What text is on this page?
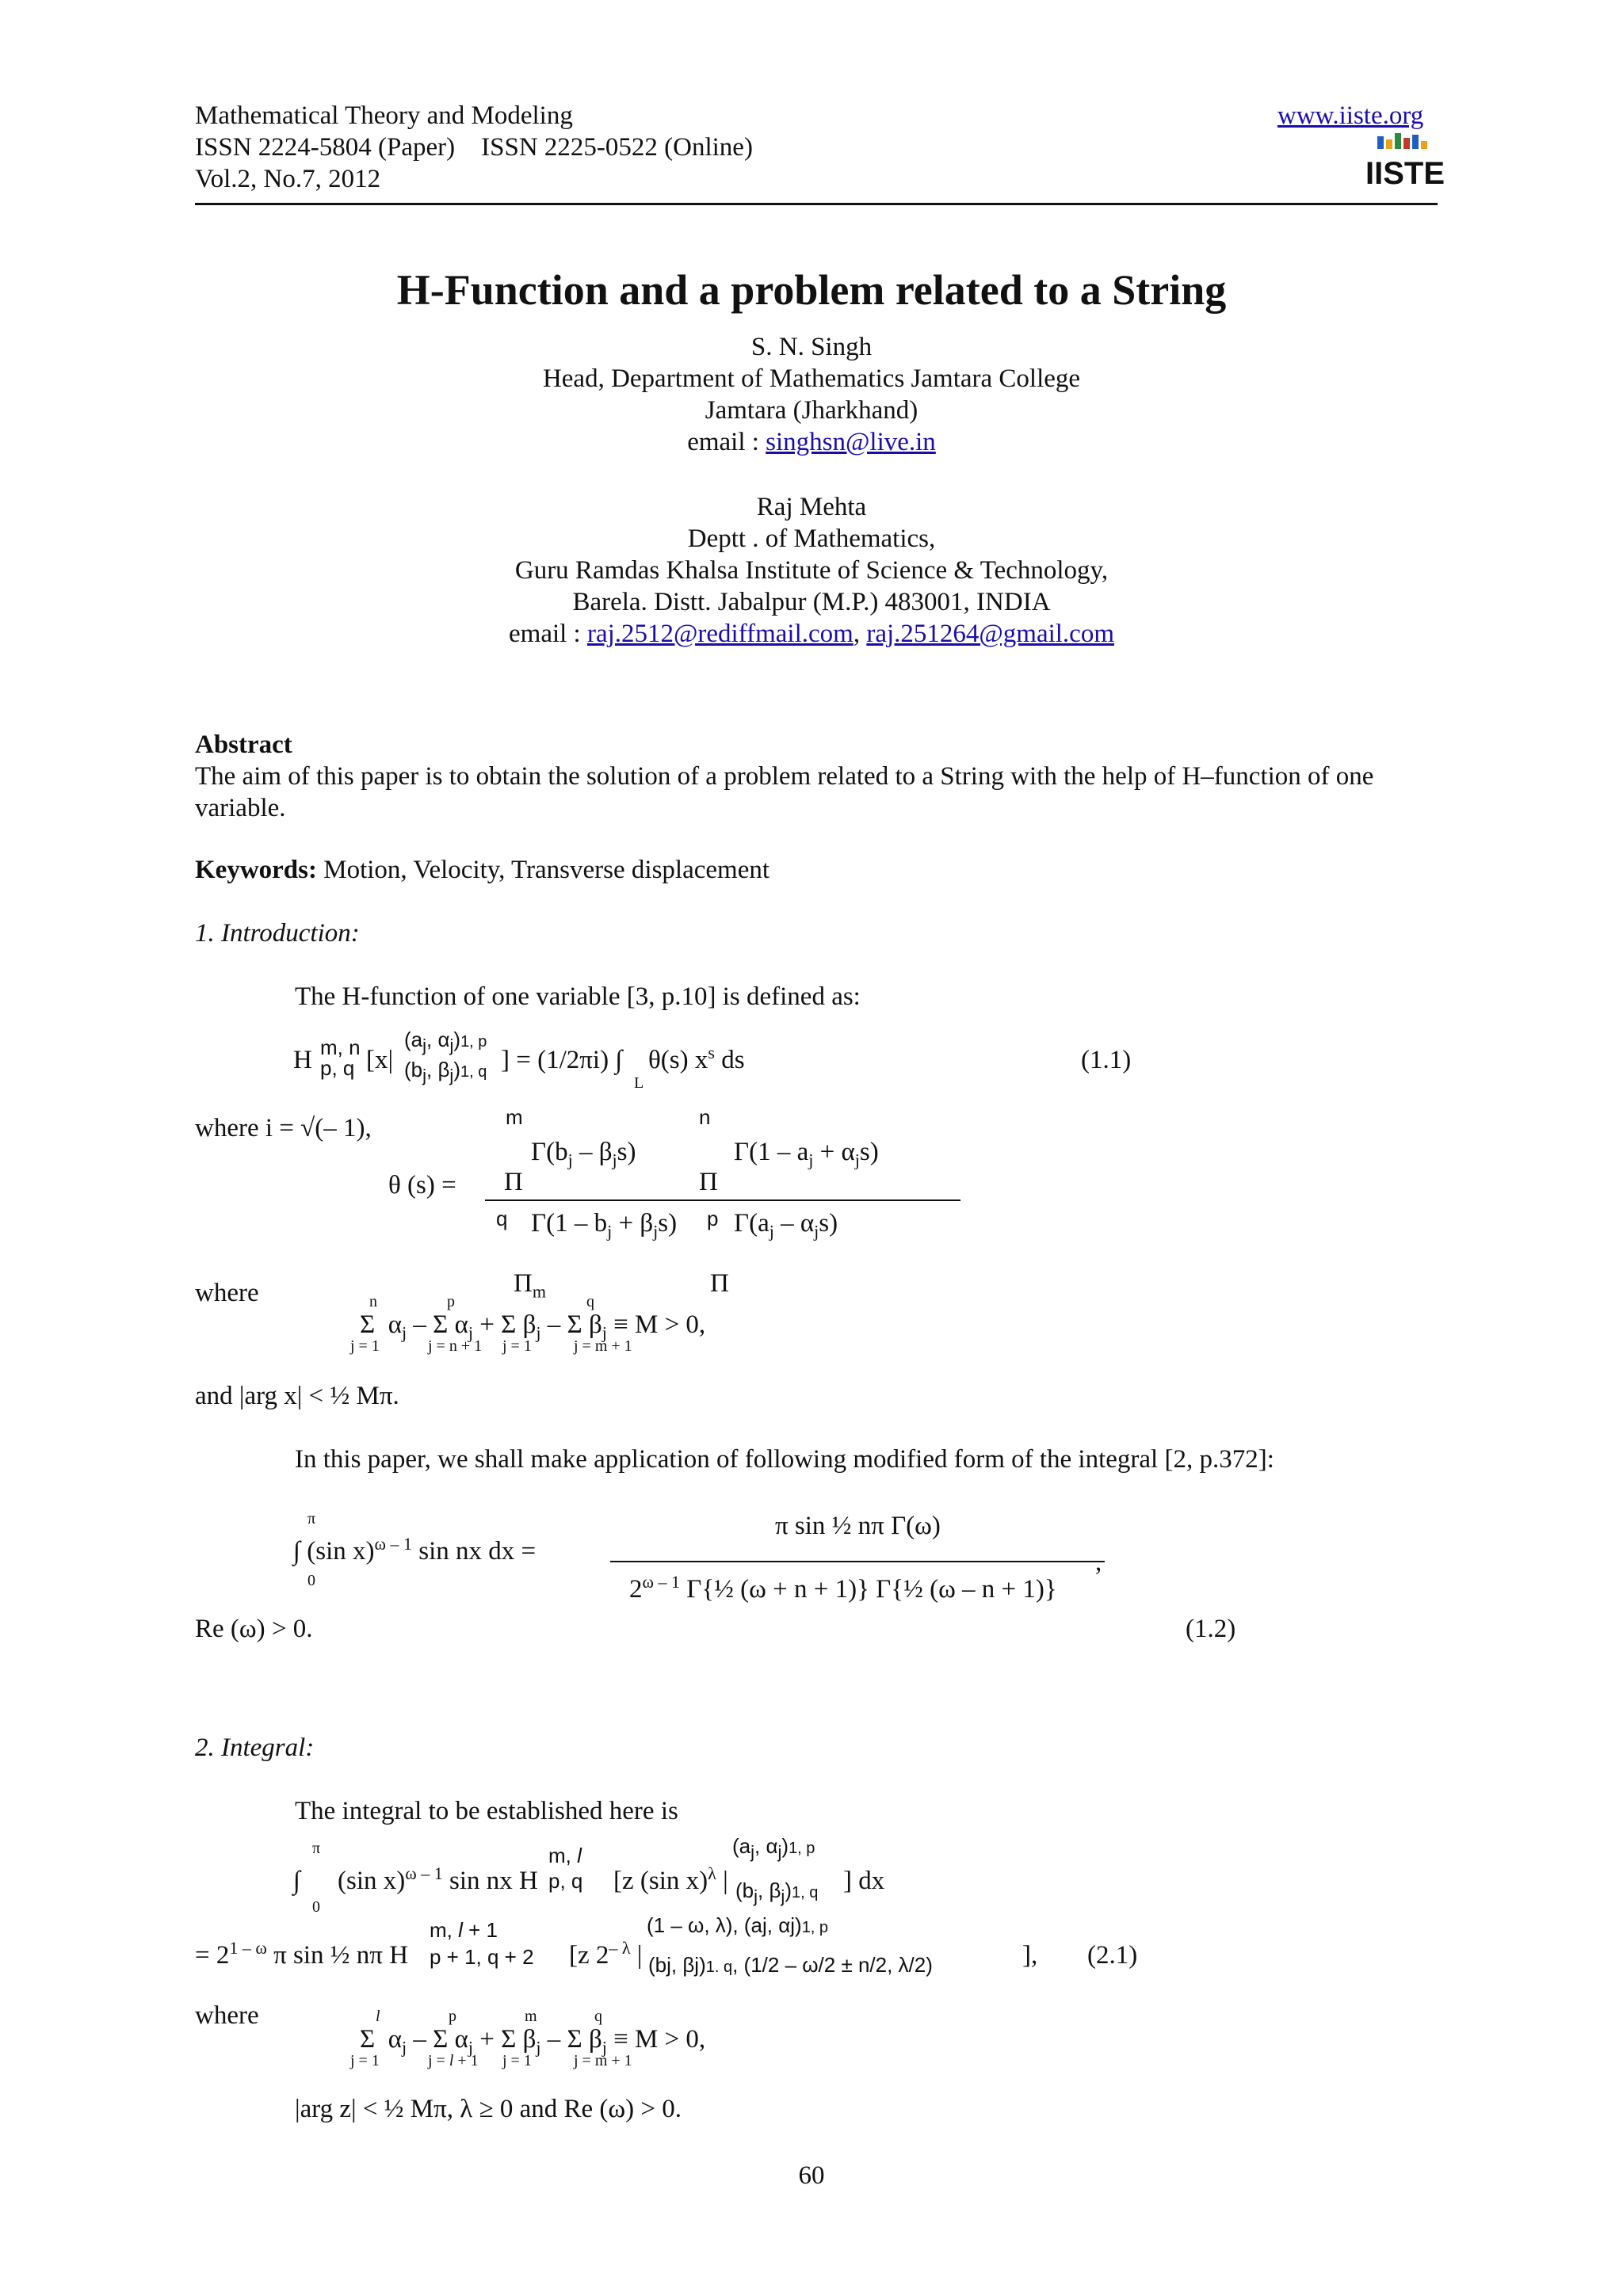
Mathematical Theory and Modeling
ISSN 2224-5804 (Paper)    ISSN 2225-0522 (Online)
Vol.2, No.7, 2012
www.iiste.org
IISTE
H-Function and a problem related to a String
S. N. Singh
Head, Department of Mathematics Jamtara College
Jamtara (Jharkhand)
email : singhsn@live.in
Raj Mehta
Deptt . of Mathematics,
Guru Ramdas Khalsa Institute of Science & Technology,
Barela. Distt. Jabalpur (M.P.) 483001, INDIA
email : raj.2512@rediffmail.com, raj.251264@gmail.com
Abstract
The aim of this paper is to obtain the solution of a problem related to a String with the help of H–function of one
variable.
Keywords: Motion, Velocity, Transverse displacement
1. Introduction:
The H-function of one variable [3, p.10] is defined as:
H m, n
p, q [x|
($a_j$, $\alpha_j)1$, p
($b_j$, $\beta_j)1$, q ] = (1/2πi) ∫
L
θ(s) $x^s$ ds	(1.1)
where i = √(– 1),	m	n
$\Gamma(b_j - \beta_js)$	$\Gamma(1 - a_j + \alpha_js)$
θ (s) = Π	Π
q	p
$\Gamma(1 - b_j + \beta_js)$ $\Gamma(a_j - \alpha_js)$
where	$\Pi_m$	Π
n	p	q
Σ  $\alpha_j$ – Σ $\alpha_j + \Sigma$ $\beta_j$ – Σ $\beta_j \equiv M > 0$,
j = 1	j = n + 1 j = 1	j = m + 1
and |arg x| < ½ Mπ.
In this paper, we shall make application of following modified form of the integral [2, p.372]:
π
∫ (sin x)$^{\omega - 1}$ sin nx dx =
0
π sin ½ nπ Γ(ω)
,
$2^{\omega - 1}$ Γ{½ (ω + n + 1)} Γ{½ (ω – n + 1)}
Re (ω) > 0.	(1.2)
2. Integral:
The integral to be established here is
π
∫
0
(sin x)$^{\omega - 1}$ sin nx H
m, l
p, q [z (sin x)$^\lambda$ |
($a_j$, $\alpha_j)1$, p
($b_j$, $\beta_j)1$, q ] dx
= $2^{1 - \omega}$ π sin ½ nπ H
m, l + 1
p + 1, q + 2 [z $2^{- \lambda}$ |
(1 – ω, λ), (aj, αj)1, p
(bj, βj)1. q, (1/2 – ω/2 ± n/2, λ/2)	], (2.1)
where	l	p	m	q
Σ  $\alpha_j$ – Σ $\alpha_j + \Sigma$ $\beta_j$ – Σ $\beta_j \equiv M > 0$,
j = 1	j = l + 1 j = 1	j = m + 1
|arg z| < ½ Mπ, λ ≥ 0 and Re (ω) > 0.
60
